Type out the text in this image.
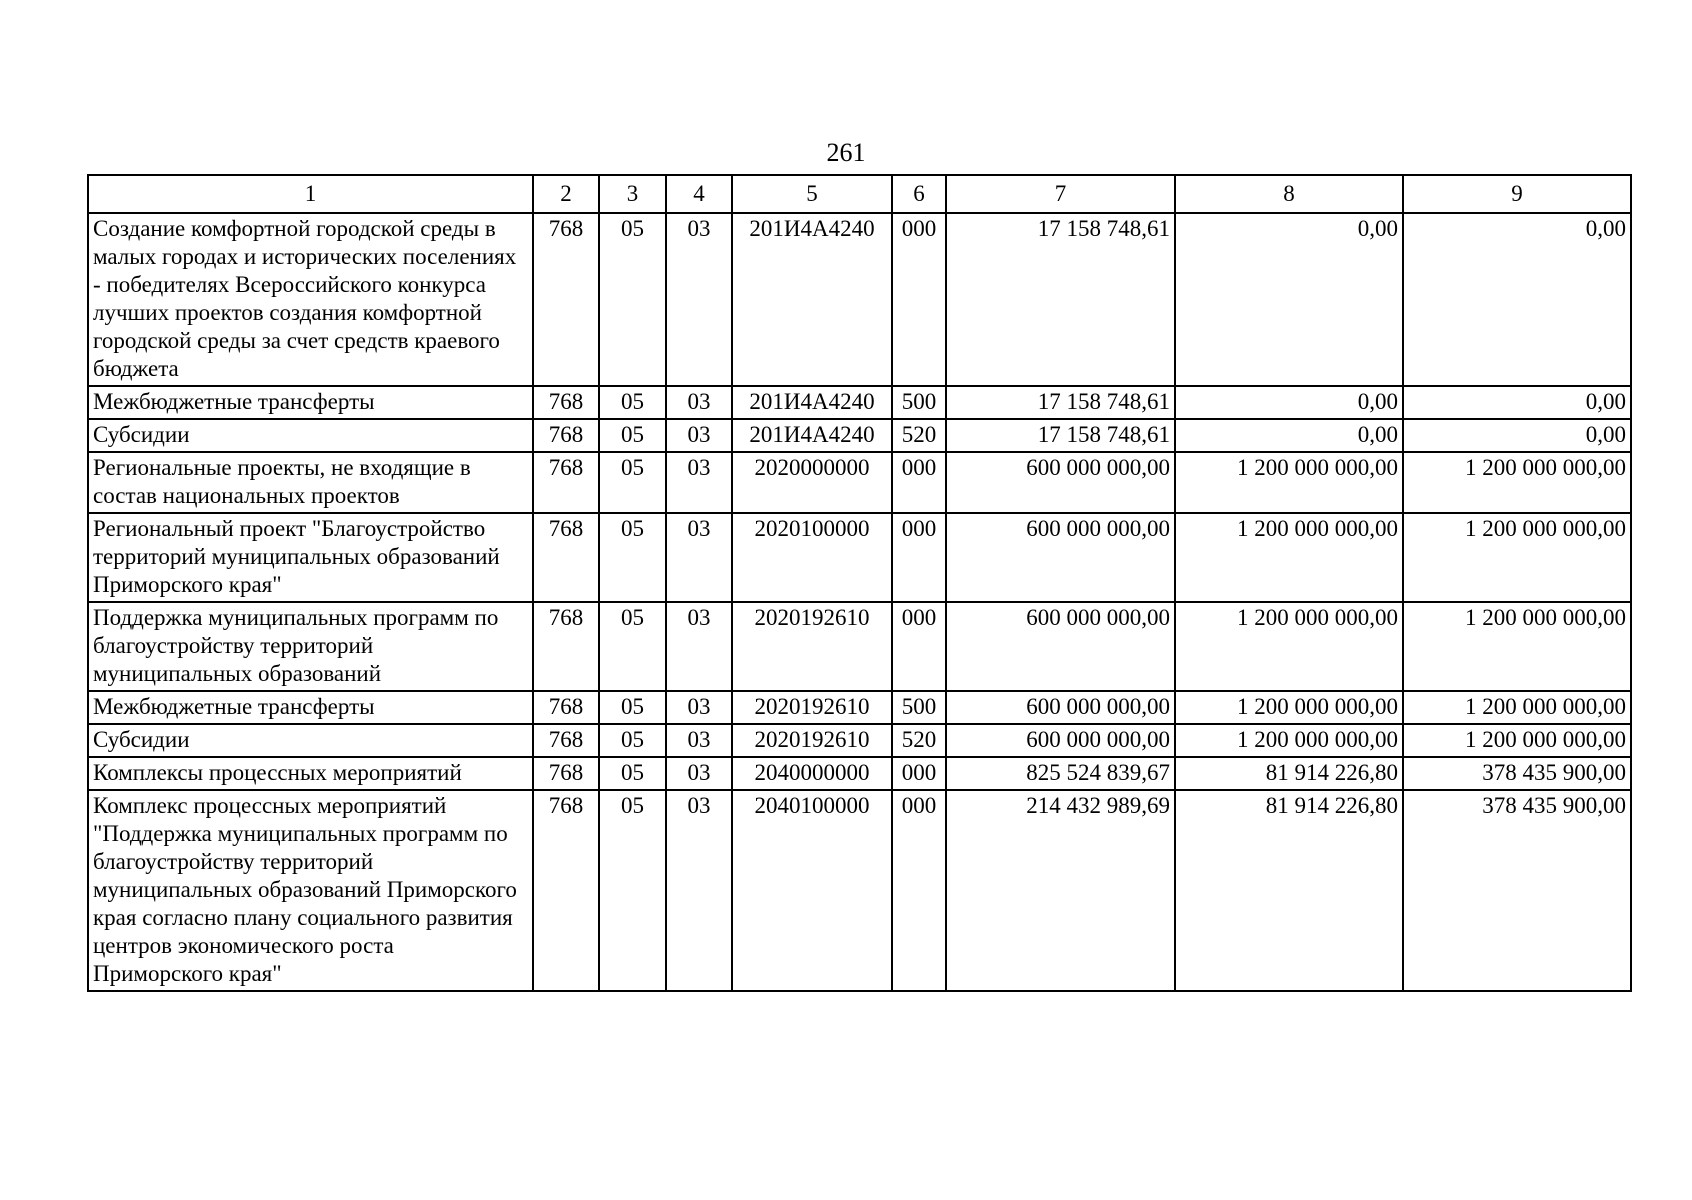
261
1	2	3	4	5	6	7	8	9
Создание комфортной городской среды в малых городах и исторических поселениях - победителях Всероссийского конкурса лучших проектов создания комфортной городской среды за счет средств краевого бюджета	768	05	03	201И4А4240	000	17 158 748,61	0,00	0,00
Межбюджетные трансферты	768	05	03	201И4А4240	500	17 158 748,61	0,00	0,00
Субсидии	768	05	03	201И4А4240	520	17 158 748,61	0,00	0,00
Региональные проекты, не входящие в состав национальных проектов	768	05	03	2020000000	000	600 000 000,00	1 200 000 000,00	1 200 000 000,00
Региональный проект "Благоустройство территорий муниципальных образований Приморского края"	768	05	03	2020100000	000	600 000 000,00	1 200 000 000,00	1 200 000 000,00
Поддержка муниципальных программ по благоустройству территорий муниципальных образований	768	05	03	2020192610	000	600 000 000,00	1 200 000 000,00	1 200 000 000,00
Межбюджетные трансферты	768	05	03	2020192610	500	600 000 000,00	1 200 000 000,00	1 200 000 000,00
Субсидии	768	05	03	2020192610	520	600 000 000,00	1 200 000 000,00	1 200 000 000,00
Комплексы процессных мероприятий	768	05	03	2040000000	000	825 524 839,67	81 914 226,80	378 435 900,00
Комплекс процессных мероприятий "Поддержка муниципальных программ по благоустройству территорий муниципальных образований Приморского края согласно плану социального развития центров экономического роста Приморского края"	768	05	03	2040100000	000	214 432 989,69	81 914 226,80	378 435 900,00
